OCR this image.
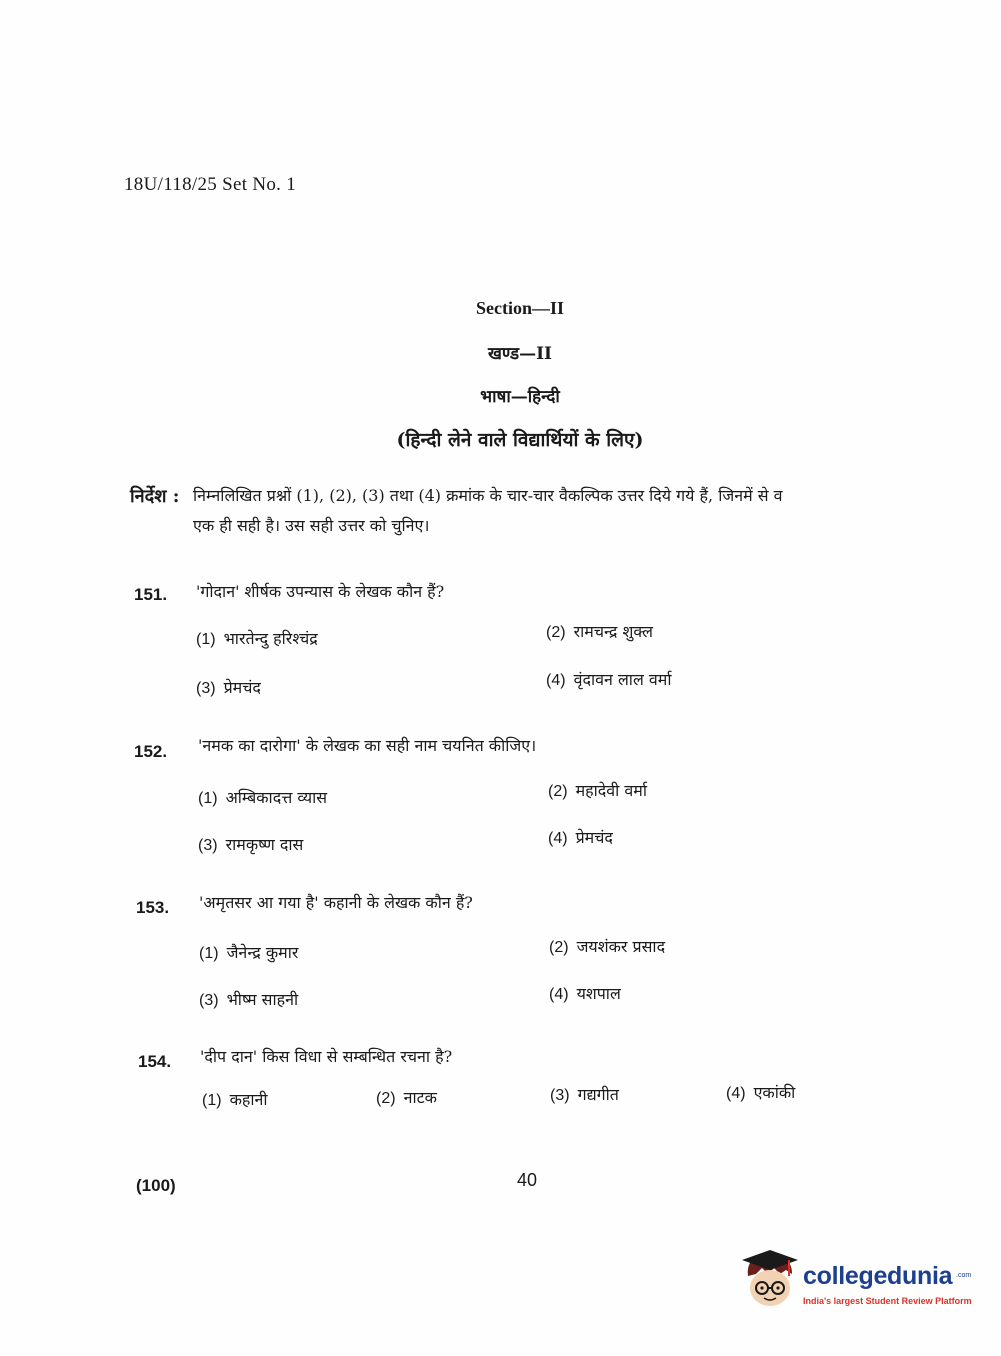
18U/118/25 Set No. 1
Section—II
खण्ड—II
भाषा—हिन्दी
(हिन्दी लेने वाले विद्यार्थियों के लिए)
निर्देश : निम्नलिखित प्रश्नों (1), (2), (3) तथा (4) क्रमांक के चार-चार वैकल्पिक उत्तर दिये गये हैं, जिनमें से व
एक ही सही है। उस सही उत्तर को चुनिए।
151. 'गोदान' शीर्षक उपन्यास के लेखक कौन हैं?
(1) भारतेन्दु हरिश्चंद्र	(2) रामचन्द्र शुक्ल
(3) प्रेमचंद	(4) वृंदावन लाल वर्मा
152. 'नमक का दारोगा' के लेखक का सही नाम चयनित कीजिए।
(1) अम्बिकादत्त व्यास	(2) महादेवी वर्मा
(3) रामकृष्ण दास	(4) प्रेमचंद
153. 'अमृतसर आ गया है' कहानी के लेखक कौन हैं?
(1) जैनेन्द्र कुमार	(2) जयशंकर प्रसाद
(3) भीष्म साहनी	(4) यशपाल
154. 'दीप दान' किस विधा से सम्बन्धित रचना है?
(1) कहानी	(2) नाटक	(3) गद्यगीत	(4) एकांकी
(100)	40
collegedunia .com
India's largest Student Review Platform
